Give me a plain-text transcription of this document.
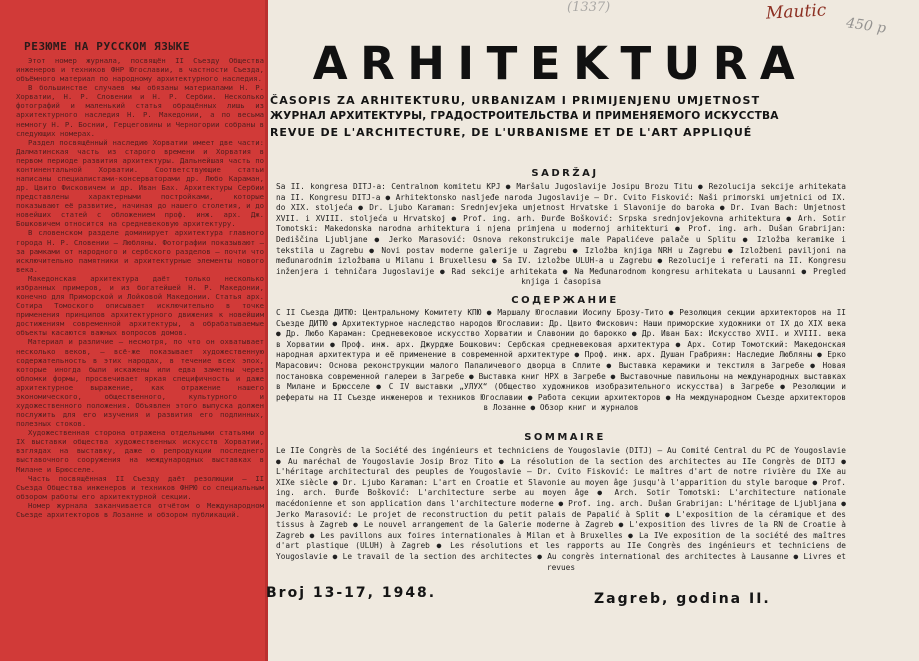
РЕЗЮМЕ НА РУССКОМ ЯЗЫКЕ

Этот номер журнала, посвящён II Съезду Общества инженеров и техников ФНР Югославии, в частности Съезда, объёмного материал по народному архитектурного наследия.

В большинстве случаев мы обязаны материалами Н. Р. Хорватии, Н. Р. Словении и Н. Р. Сербии. Несколько фотографий и маленький статья обращённых лишь из архитектурного наследия Н. Р. Македонии, а по весьма немногу Н. Р. Боснии, Герцеговины и Черногории собраны в следующих номерах.

Раздел посвящённый наследию Хорватии имеет две части: Далматинская часть из старого времени и Хорватия в первом периоде развития архитектуры. Дальнейшая часть по континентальной Хорватии. Соответствующие статьи написаны специалистами-консерваторами др. Любо Караман, др. Цвито Фисковичем и др. Иван Бах. Архитектуры Сербии представлены характерными постройками, которые показывают её развитие, начиная до нашего столетия, и до новейших статей с обложением проф. инж. арх. Дж. Бошковичем относится на средневековую архитектуру.

В словенском разделе доминирует архитектура главного города Н. Р. Словении — Любляны. Фотографии показывают — за рамками от народного и сербского разделов — почти что исключительно памятники и архитектурные элементы нового века.

Македонская архитектура даёт только несколько избранных примеров, и из богатейшей Н. Р. Македонии, конечно для Приморской и Лойковой Македонии. Статья арх. Сотира Томоского описывает исключительно в точке применения принципов архитектурного движения к новейшим достижениям современной архитектуры, а обрабатываемые объекты касаются важных вопросов домов.

Материал и различие — несмотря, по что он охватывает несколько веков, — всё-же показывает художественную содержательность в этих народах, в течение всех эпох, которые иногда были искажены или едва заметны через обломки формы, просвечивает яркая специфичность и даже архитектурное выражение, как отражение нашего экономического, общественного, культурного и художественного положения. Объявлен этого выпуска должен послужить для его изучения и развития его подлинных, полезных стоков.

Художественная сторона отражена отдельными статьями о IX выставки общества художественных искусств Хорватии, взглядах на выставку, даже о репродукции последнего выставочного сооружения на международных выставках в Милане и Брюсселе.

Часть посвящённая II Съезду даёт резолюции — II Съезда Общества инженеров и техников ФНРЮ со специальным обзором работы его архитектурной секции.

Номер журнала заканчивается отчётом о Международном Съезде архитекторов в Лозанне и обзором публикаций.

(1337)	Mautic
450 p
ARHITEKTURA
ČASOPIS ZA ARHITEKTURU, URBANIZAM I PRIMIJENJENU UMJETNOST
ЖУРНАЛ АРХИТЕКТУРЫ, ГРАДОСТРОИТЕЛЬСТВА И ПРИМЕНЯЕМОГО ИСКУССТВА
REVUE DE L'ARCHITECTURE, DE L'URBANISME ET DE L'ART APPLIQUÉ
SADRŽAJ
Sa II. kongresa DITJ-a: Centralnom komitetu KPJ ● Maršalu Jugoslavije Josipu Brozu Titu ● Rezolucija sekcije arhitekata na II. Kongresu DITJ-a ● Arhitektonsko nasljeđe naroda Jugoslavije — Dr. Cvito Fisković: Naši primorski umjetnici od IX. do XIX. stoljeća ● Dr. Ljubo Karaman: Srednjevjeka umjetnost Hrvatske i Slavonije do baroka ● Dr. Ivan Bach: Umjetnost XVII. i XVIII. stoljeća u Hrvatskoj ● Prof. ing. arh. Đurđe Bošković: Srpska srednjovjekovna arhitektura ● Arh. Sotir Tomotski: Makedonska narodna arhitektura i njena primjena u modernoj arhitekturi ● Prof. ing. arh. Dušan Grabrijan: Dediščina Ljubljane ● Jerko Marasović: Osnova rekonstrukcije male Papalićeve palače u Splitu ● Izložba keramike i tekstila u Zagrebu ● Novi postav moderne galerije u Zagrebu ● Izložba knjiga NRH u Zagrebu ● Izložbeni paviljoni na međunarodnim izložbama u Milanu i Bruxellesu ● Sa IV. izložbe ULUH-a u Zagrebu ● Rezolucije i referati na II. Kongresu inženjera i tehničara Jugoslavije ● Rad sekcije arhitekata ● Na Međunarodnom kongresu arhitekata u Lausanni ● Pregled knjiga i časopisa
СОДЕРЖАНИЕ
С II Съезда ДИТЮ: Центральному Комитету КПЮ ● Маршалу Югославии Иосипу Брозу-Тито ● Резолюция секции архитекторов на II Съезде ДИТЮ ● Архитектурное наследство народов Югославии: Др. Цвито Фискович: Наши приморские художники от IX до XIX века ● Др. Любо Караман: Средневековое искусство Хорватии и Славонии до барокко ● Др. Иван Бах: Искусство XVII. и XVIII. века в Хорватии ● Проф. инж. арх. Джурдже Бошкович: Сербская средневековая архитектура ● Арх. Сотир Томотский: Македонская народная архитектура и её применение в современной архитектуре ● Проф. инж. арх. Душан Грабриян: Наследие Любляны ● Ерко Марасович: Основа реконструкции малого Папаличевого дворца в Сплите ● Выставка керамики и текстиля в Загребе ● Новая постановка современной галереи в Загребе ● Выставка книг НРХ в Загребе ● Выставочные павильоны на международных выставках в Милане и Брюсселе ● С IV выставки „УЛУХ“ (Общество художников изобразительного искусства) в Загребе ● Резолюции и рефераты на II Съезде инженеров и техников Югославии ● Работа секции архитекторов ● На международном Съезде архитекторов в Лозанне ● Обзор книг и журналов
SOMMAIRE
Le IIe Congrès de la Société des ingénieurs et techniciens de Yougoslavie (DITJ) — Au Comité Central du PC de Yougoslavie ● Au maréchal de Yougoslavie Josip Broz Tito ● La résolution de la section des architectes au IIe Congrès de DITJ ● L'héritage architectural des peuples de Yougoslavie — Dr. Cvito Fisković: Le maîtres d'art de notre rivière du IXe au XIXe siècle ● Dr. Ljubo Karaman: L'art en Croatie et Slavonie au moyen âge jusqu'à l'apparition du style baroque ● Prof. ing. arch. Đurđe Bošković: L'architecture serbe au moyen âge ● Arch. Sotir Tomotski: L'architecture nationale macédonienne et son application dans l'architecture moderne ● Prof. ing. arch. Dušan Grabrijan: L'héritage de Ljubljana ● Jerko Marasović: Le projet de reconstruction du petit palais de Papalić à Split ● L'exposition de la céramique et des tissus à Zagreb ● Le nouvel arrangement de la Galerie moderne à Zagreb ● L'exposition des livres de la RN de Croatie à Zagreb ● Les pavillons aux foires internationales à Milan et à Bruxelles ● La IVe exposition de la société des maîtres d'art plastique (ULUH) à Zagreb ● Les résolutions et les rapports au IIe Congrès des ingénieurs et techniciens de Yougoslavie ● Le travail de la section des architectes ● Au congrès international des architectes à Lausanne ● Livres et revues
Broj 13-17, 1948.	Zagreb, godina II.
